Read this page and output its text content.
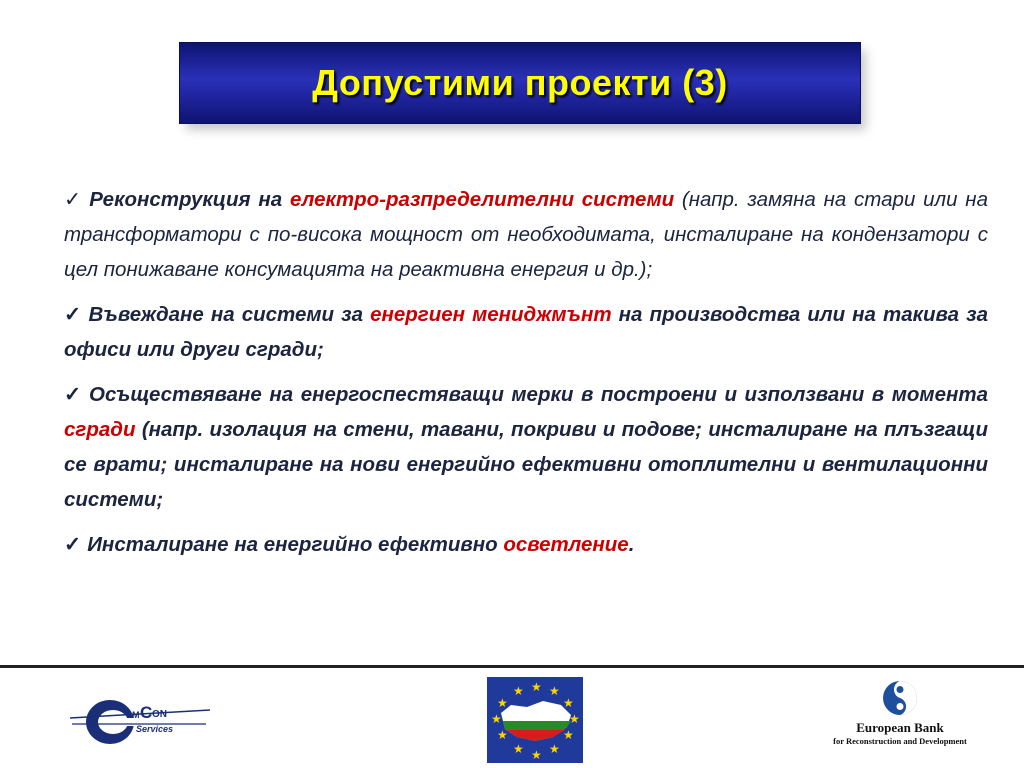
Допустими проекти (3)

✓ Реконструкция на електро-разпределителни системи (напр. замяна на стари или на трансформатори с по-висока мощност от необходимата, инсталиране на кондензатори с цел понижаване консумацията на реактивна енергия и др.);

✓ Въвеждане на системи за енергиен мениджмънт на производства или на такива за офиси или други сгради;

✓ Осъществяване на енергоспестяващи мерки в построени и използвани в момента сгради (напр. изолация на стени, тавани, покриви и подове; инсталиране на плъзгащи се врати; инсталиране на нови енергийно ефективни отоплителни и вентилационни системи;

✓ Инсталиране на енергийно ефективно осветление.

M C ON
Services
★ ★
★
★
★
★
★
★
★
★
★
★
European Bank
for Reconstruction and Development
